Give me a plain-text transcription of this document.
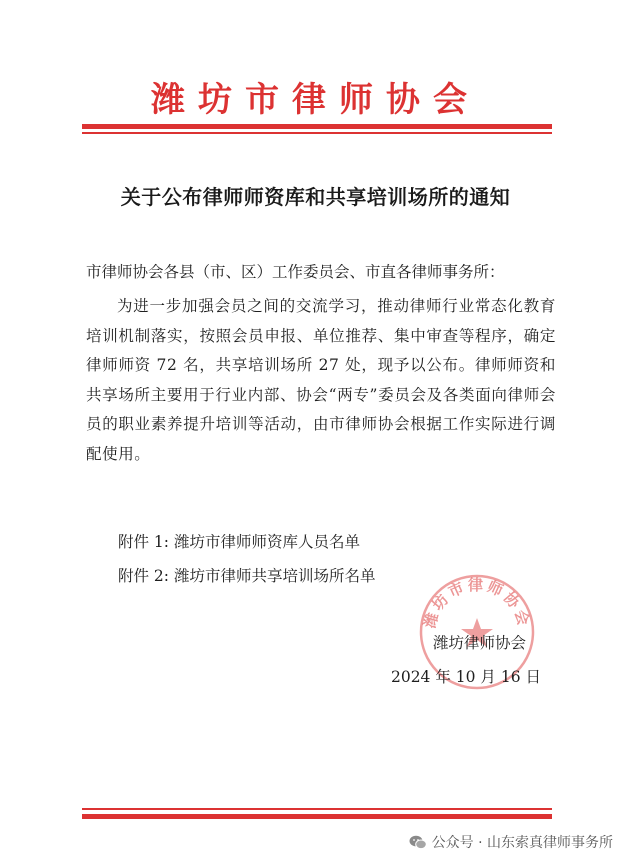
潍坊市律师协会
关于公布律师师资库和共享培训场所的通知
市律师协会各县（市、区）工作委员会、市直各律师事务所：
为进一步加强会员之间的交流学习，推动律师行业常态化教育培训机制落实，按照会员申报、单位推荐、集中审查等程序，确定律师师资 72 名，共享培训场所 27 处，现予以公布。律师师资和共享场所主要用于行业内部、协会“两专”委员会及各类面向律师会员的职业素养提升培训等活动，由市律师协会根据工作实际进行调配使用。
附件 1: 潍坊市律师师资库人员名单
附件 2: 潍坊市律师共享培训场所名单
潍坊市律师协会
潍坊律师协会
2024 年 10 月 16 日
公众号 · 山东索真律师事务所
